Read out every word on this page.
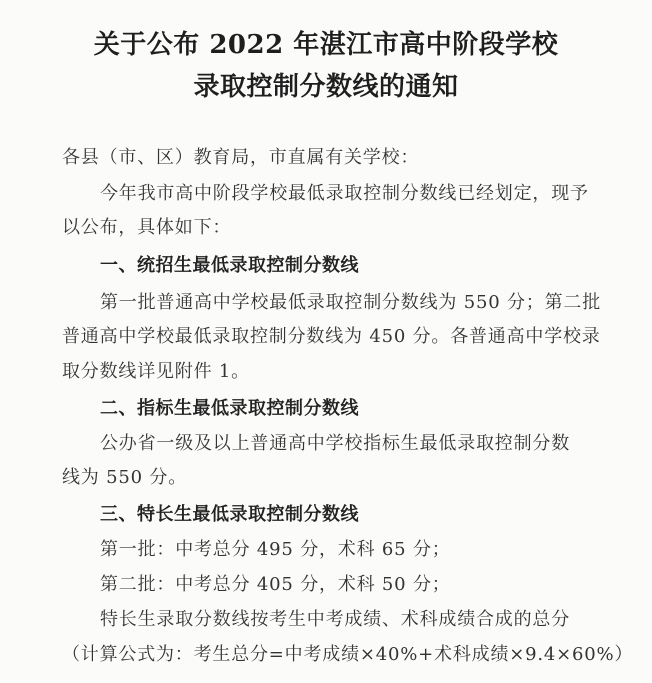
关于公布 2022 年湛江市高中阶段学校
录取控制分数线的通知
各县（市、区）教育局，市直属有关学校：
今年我市高中阶段学校最低录取控制分数线已经划定，现予
以公布，具体如下：
一、统招生最低录取控制分数线
第一批普通高中学校最低录取控制分数线为 550 分；第二批
普通高中学校最低录取控制分数线为 450 分。各普通高中学校录
取分数线详见附件 1。
二、指标生最低录取控制分数线
公办省一级及以上普通高中学校指标生最低录取控制分数
线为 550 分。
三、特长生最低录取控制分数线
第一批：中考总分 495 分，术科 65 分；
第二批：中考总分 405 分，术科 50 分；
特长生录取分数线按考生中考成绩、术科成绩合成的总分
（计算公式为：考生总分=中考成绩×40%+术科成绩×9.4×60%）
